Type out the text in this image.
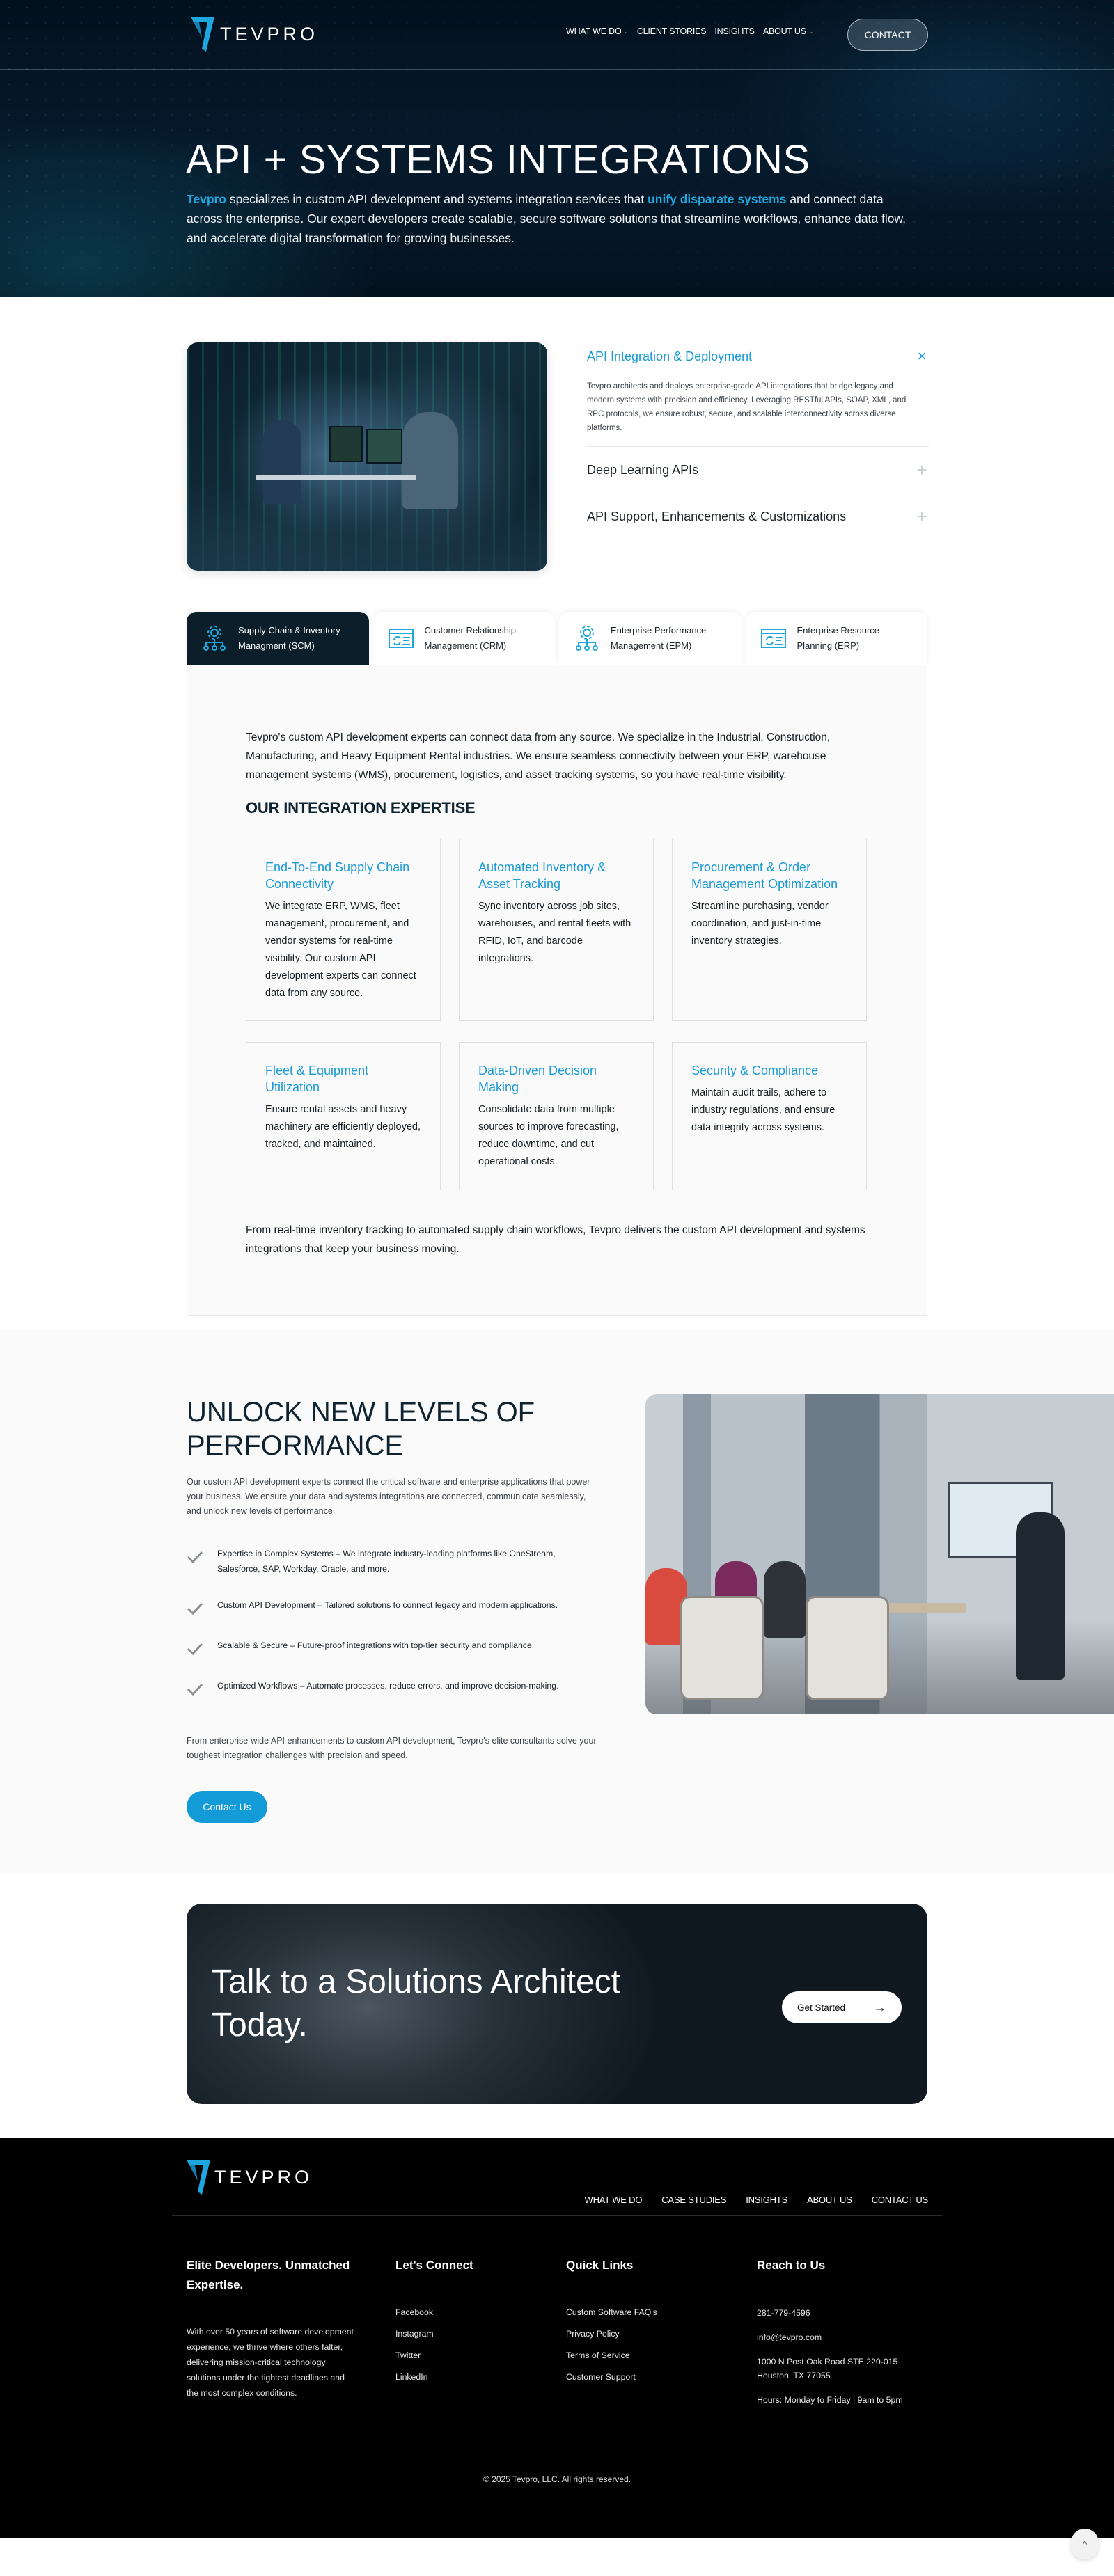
TEVPRO	WHAT WE DO ⌄ CLIENT STORIES INSIGHTS ABOUT US ⌄	CONTACT
API + SYSTEMS INTEGRATIONS

Tevpro specializes in custom API development and systems integration services that unify disparate systems and connect data across the enterprise. Our expert developers create scalable, secure software solutions that streamline workflows, enhance data flow, and accelerate digital transformation for growing businesses.

API Integration & Deployment	×
Tevpro architects and deploys enterprise-grade API integrations that bridge legacy and modern systems with precision and efficiency. Leveraging RESTful APIs, SOAP, XML, and RPC protocols, we ensure robust, secure, and scalable interconnectivity across diverse platforms.
Deep Learning APIs	+
API Support, Enhancements & Customizations	+
Supply Chain & Inventory
Managment (SCM)
Customer Relationship
Management (CRM)
Enterprise Performance
Management (EPM)
Enterprise Resource
Planning (ERP)

Tevpro's custom API development experts can connect data from any source. We specialize in the Industrial, Construction, Manufacturing, and Heavy Equipment Rental industries. We ensure seamless connectivity between your ERP, warehouse management systems (WMS), procurement, logistics, and asset tracking systems, so you have real-time visibility.

OUR INTEGRATION EXPERTISE
End-To-End Supply Chain Connectivity

We integrate ERP, WMS, fleet management, procurement, and vendor systems for real-time visibility. Our custom API development experts can connect data from any source.

Automated Inventory & Asset Tracking

Sync inventory across job sites, warehouses, and rental fleets with RFID, IoT, and barcode integrations.

Procurement & Order Management Optimization

Streamline purchasing, vendor coordination, and just-in-time inventory strategies.

Fleet & Equipment Utilization

Ensure rental assets and heavy machinery are efficiently deployed, tracked, and maintained.

Data-Driven Decision Making

Consolidate data from multiple sources to improve forecasting, reduce downtime, and cut operational costs.

Security & Compliance

Maintain audit trails, adhere to industry regulations, and ensure data integrity across systems.

From real-time inventory tracking to automated supply chain workflows, Tevpro delivers the custom API development and systems integrations that keep your business moving.

UNLOCK NEW LEVELS OF PERFORMANCE

Our custom API development experts connect the critical software and enterprise applications that power your business. We ensure your data and systems integrations are connected, communicate seamlessly, and unlock new levels of performance.

Expertise in Complex Systems – We integrate industry-leading platforms like OneStream, Salesforce, SAP, Workday, Oracle, and more.
Custom API Development – Tailored solutions to connect legacy and modern applications.
Scalable & Secure – Future-proof integrations with top-tier security and compliance.
Optimized Workflows – Automate processes, reduce errors, and improve decision-making.

From enterprise-wide API enhancements to custom API development, Tevpro's elite consultants solve your toughest integration challenges with precision and speed.

Contact Us
Talk to a Solutions Architect Today.	Get Started →
TEVPRO
WHAT WE DO CASE STUDIES INSIGHTS ABOUT US CONTACT US
Elite Developers. Unmatched Expertise.

With over 50 years of software development experience, we thrive where others falter, delivering mission-critical technology solutions under the tightest deadlines and the most complex conditions.

Let's Connect
Facebook
Instagram
Twitter
LinkedIn
Quick Links
Custom Software FAQ's
Privacy Policy
Terms of Service
Customer Support
Reach to Us
281-779-4596
info@tevpro.com
1000 N Post Oak Road STE 220-015
Houston, TX 77055
Hours: Monday to Friday | 9am to 5pm
© 2025 Tevpro, LLC. All rights reserved.
^
